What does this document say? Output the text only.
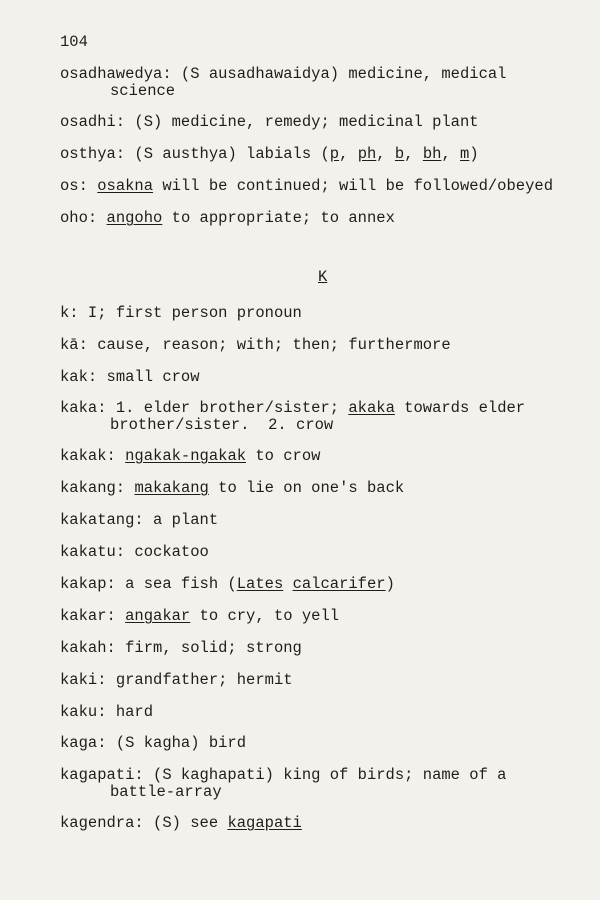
104
K
osadhawedya: (S ausadhawaidya) medicine, medical
science
osadhi: (S) medicine, remedy; medicinal plant
osthya: (S austhya) labials (p, ph, b, bh, m)
os: osakna will be continued; will be followed/obeyed
oho: angoho to appropriate; to annex
k: I; first person pronoun
kā: cause, reason; with; then; furthermore
kak: small crow
kaka: 1. elder brother/sister; akaka towards elder
brother/sister.  2. crow
kakak: ngakak-ngakak to crow
kakang: makakang to lie on one's back
kakatang: a plant
kakatu: cockatoo
kakap: a sea fish (Lates calcarifer)
kakar: angakar to cry, to yell
kakah: firm, solid; strong
kaki: grandfather; hermit
kaku: hard
kaga: (S kagha) bird
kagapati: (S kaghapati) king of birds; name of a
battle-array
kagendra: (S) see kagapati
